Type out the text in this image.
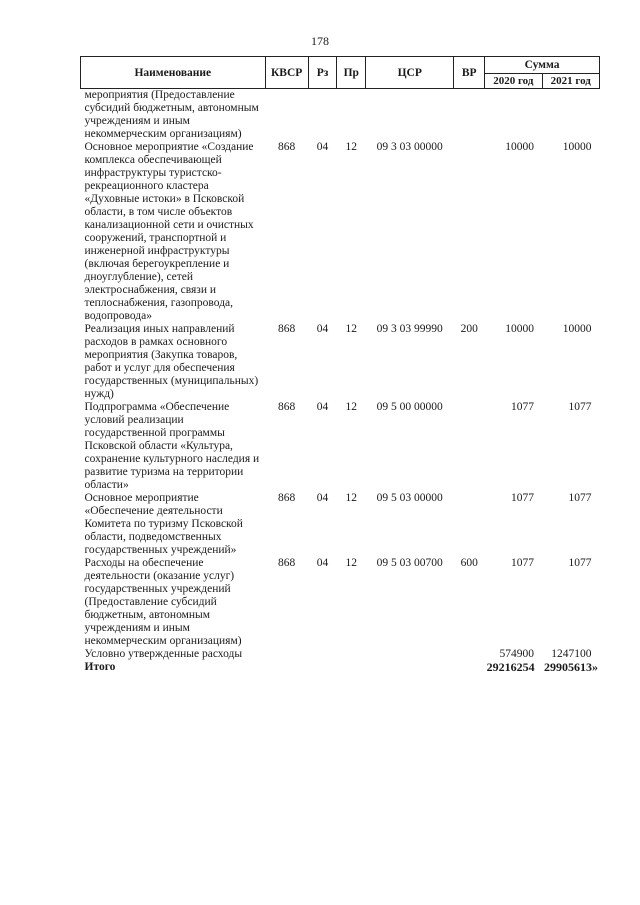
178
Наименование	КВСР	Рз	Пр	ЦСР	ВР	Сумма	
						2020 год	2021 год
мероприятия (Предоставление субсидий бюджетным, автономным учреждениям и иным некоммерческим организациям)							
Основное мероприятие «Создание комплекса обеспечивающей инфраструктуры туристско-рекреационного кластера «Духовные истоки» в Псковской области, в том числе объектов канализационной сети и очистных сооружений, транспортной и инженерной инфраструктуры (включая берегоукрепление и дноуглубление), сетей электроснабжения, связи и теплоснабжения, газопровода, водопровода»	868	04	12	09 3 03 00000		10000	10000
Реализация иных направлений расходов в рамках основного мероприятия (Закупка товаров, работ и услуг для обеспечения государственных (муниципальных) нужд)	868	04	12	09 3 03 99990	200	10000	10000
Подпрограмма «Обеспечение условий реализации государственной программы Псковской области «Культура, сохранение культурного наследия и развитие туризма на территории области»	868	04	12	09 5 00 00000		1077	1077
Основное мероприятие «Обеспечение деятельности Комитета по туризму Псковской области, подведомственных государственных учреждений»	868	04	12	09 5 03 00000		1077	1077
Расходы на обеспечение деятельности (оказание услуг) государственных учреждений (Предоставление субсидий бюджетным, автономным учреждениям и иным некоммерческим организациям)	868	04	12	09 5 03 00700	600	1077	1077
Условно утвержденные расходы						574900	1247100
Итого						29216254	29905613»
